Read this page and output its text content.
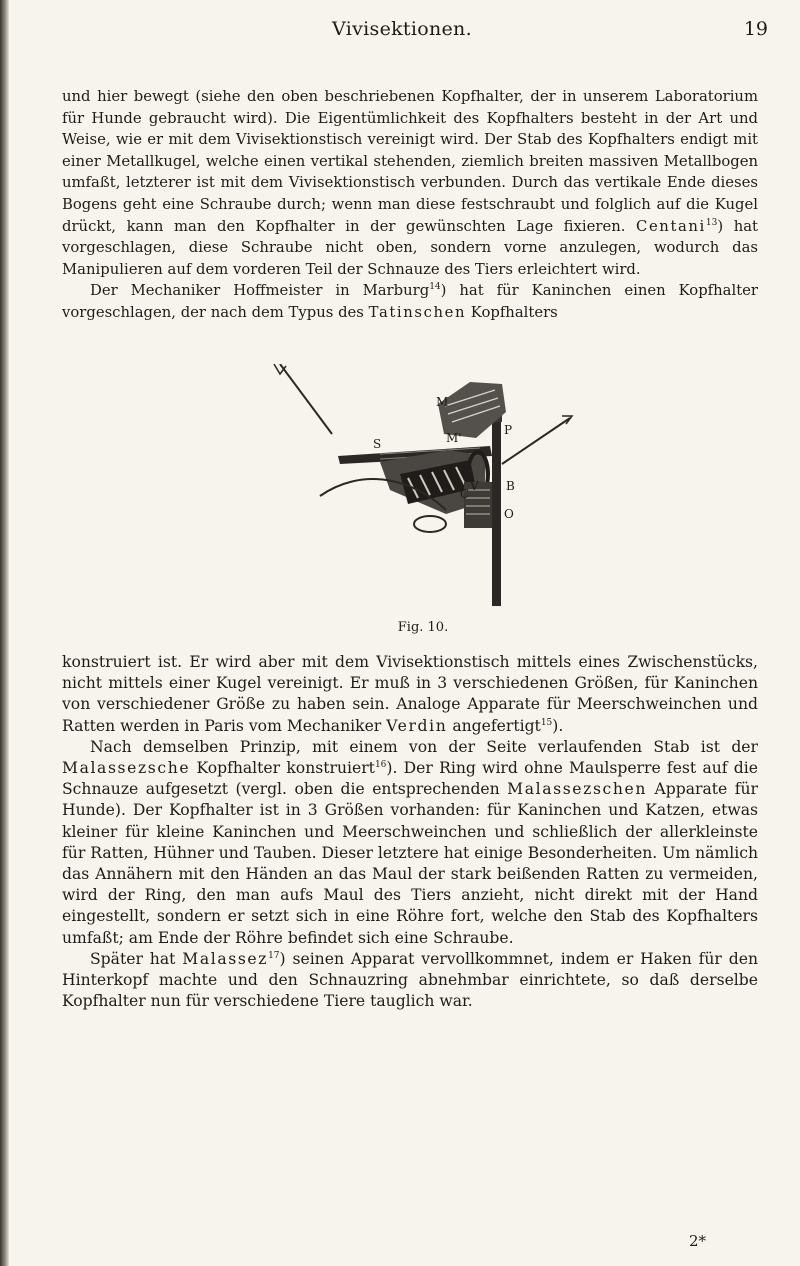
Vivisektionen.	19

und hier bewegt (siehe den oben beschriebenen Kopfhalter, der in unserem Laboratorium für Hunde gebraucht wird). Die Eigentümlichkeit des Kopfhalters besteht in der Art und Weise, wie er mit dem Vivisektionstisch vereinigt wird. Der Stab des Kopfhalters endigt mit einer Metallkugel, welche einen vertikal stehenden, ziemlich breiten massiven Metallbogen umfaßt, letzterer ist mit dem Vivisektionstisch verbunden. Durch das vertikale Ende dieses Bogens geht eine Schraube durch; wenn man diese festschraubt und folglich auf die Kugel drückt, kann man den Kopfhalter in der gewünschten Lage fixieren. Centani$^{13}$) hat vorgeschlagen, diese Schraube nicht oben, sondern vorne anzulegen, wodurch das Manipulieren auf dem vorderen Teil der Schnauze des Tiers erleichtert wird.

Der Mechaniker Hoffmeister in Marburg$^{14}$) hat für Kaninchen einen Kopfhalter vorgeschlagen, der nach dem Typus des Tatinschen Kopfhalters

M
S
P
M'
B
C
V
O
Fig. 10.

konstruiert ist. Er wird aber mit dem Vivisektionstisch mittels eines Zwischenstücks, nicht mittels einer Kugel vereinigt. Er muß in 3 verschiedenen Größen, für Kaninchen von verschiedener Größe zu haben sein. Analoge Apparate für Meerschweinchen und Ratten werden in Paris vom Mechaniker Verdin angefertigt$^{15}$).

Nach demselben Prinzip, mit einem von der Seite verlaufenden Stab ist der Malassezsche Kopfhalter konstruiert$^{16}$). Der Ring wird ohne Maulsperre fest auf die Schnauze aufgesetzt (vergl. oben die entsprechenden Malassezschen Apparate für Hunde). Der Kopfhalter ist in 3 Größen vorhanden: für Kaninchen und Katzen, etwas kleiner für kleine Kaninchen und Meerschweinchen und schließlich der allerkleinste für Ratten, Hühner und Tauben. Dieser letztere hat einige Besonderheiten. Um nämlich das Annähern mit den Händen an das Maul der stark beißenden Ratten zu vermeiden, wird der Ring, den man aufs Maul des Tiers anzieht, nicht direkt mit der Hand eingestellt, sondern er setzt sich in eine Röhre fort, welche den Stab des Kopfhalters umfaßt; am Ende der Röhre befindet sich eine Schraube.

Später hat Malassez$^{17}$) seinen Apparat vervollkommnet, indem er Haken für den Hinterkopf machte und den Schnauzring abnehmbar einrichtete, so daß derselbe Kopfhalter nun für verschiedene Tiere tauglich war.

2*
